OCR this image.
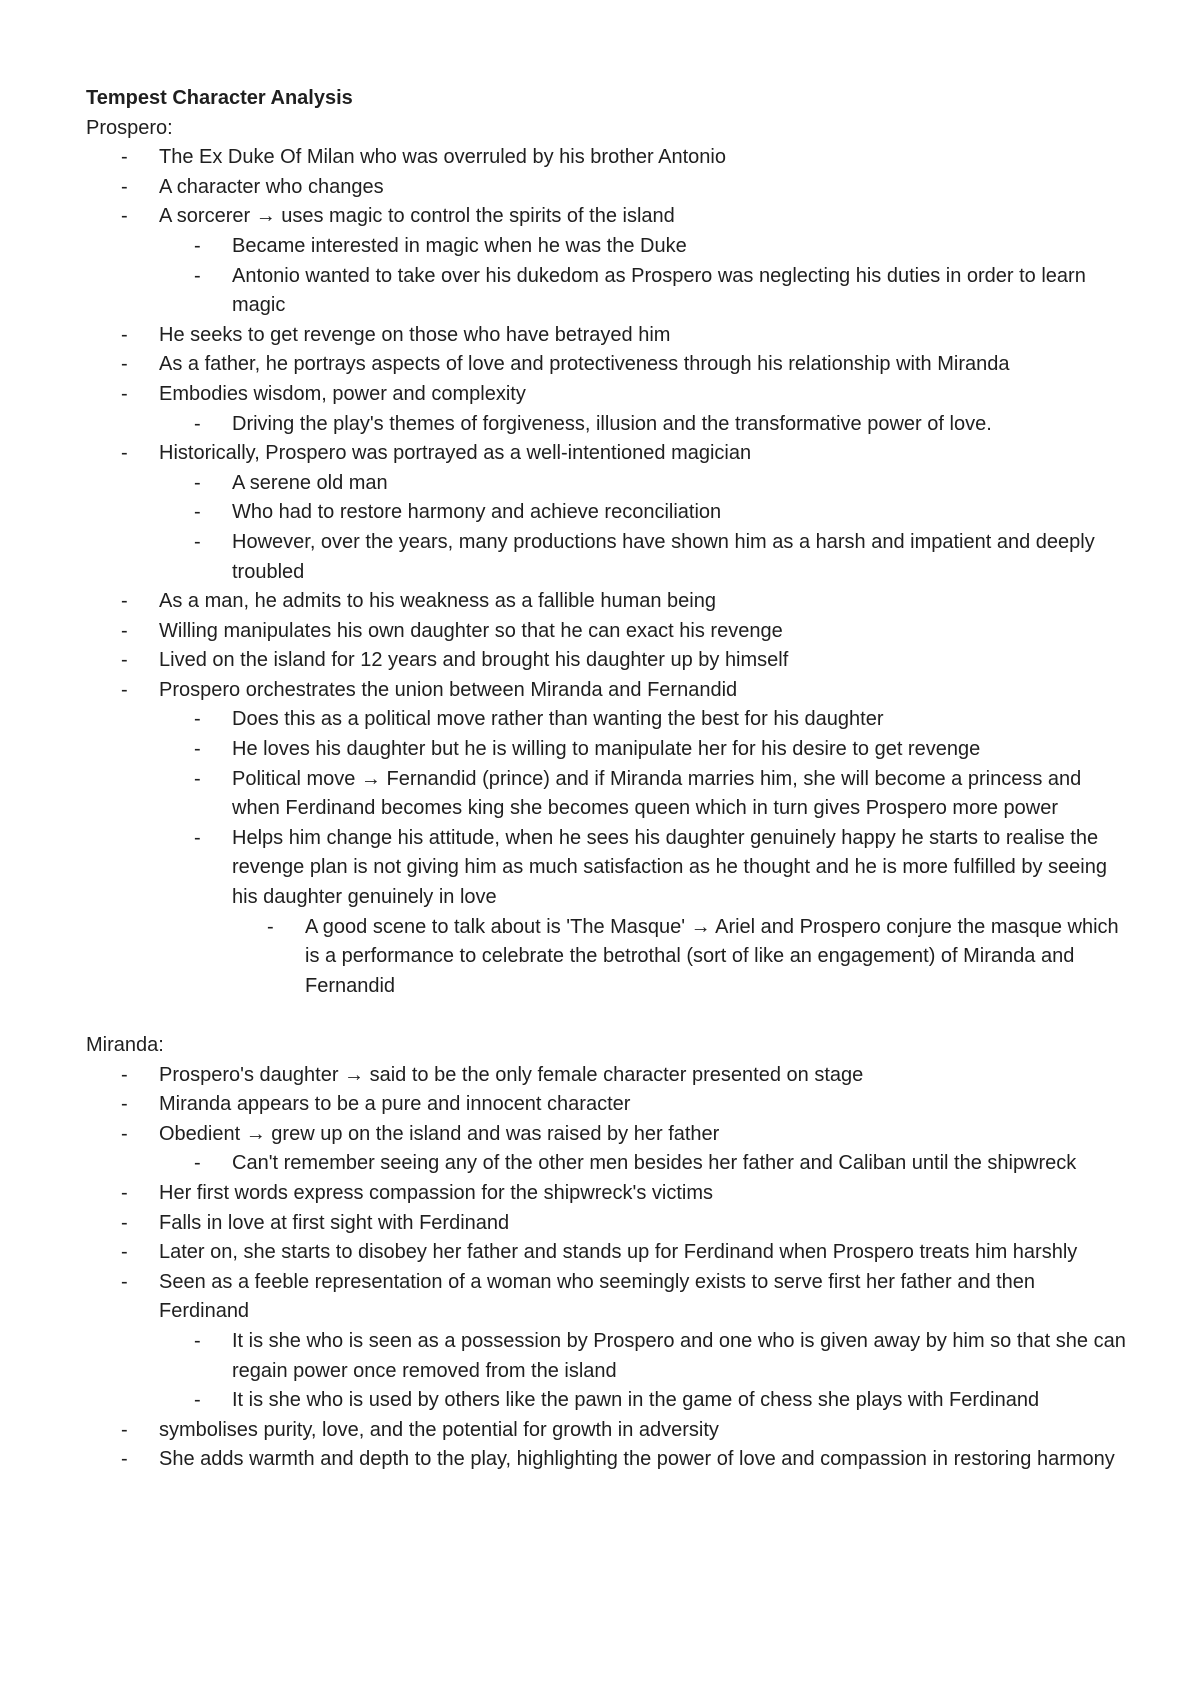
Tempest Character Analysis
Prospero:
- The Ex Duke Of Milan who was overruled by his brother Antonio
- A character who changes
- A sorcerer → uses magic to control the spirits of the island
- Became interested in magic when he was the Duke
- Antonio wanted to take over his dukedom as Prospero was neglecting his duties in order to learn magic
- He seeks to get revenge on those who have betrayed him
- As a father, he portrays aspects of love and protectiveness through his relationship with Miranda
- Embodies wisdom, power and complexity
- Driving the play's themes of forgiveness, illusion and the transformative power of love.
- Historically, Prospero was portrayed as a well-intentioned magician
- A serene old man
- Who had to restore harmony and achieve reconciliation
- However, over the years, many productions have shown him as a harsh and impatient and deeply troubled
- As a man, he admits to his weakness as a fallible human being
- Willing manipulates his own daughter so that he can exact his revenge
- Lived on the island for 12 years and brought his daughter up by himself
- Prospero orchestrates the union between Miranda and Fernandid
- Does this as a political move rather than wanting the best for his daughter
- He loves his daughter but he is willing to manipulate her for his desire to get revenge
- Political move → Fernandid (prince) and if Miranda marries him, she will become a princess and when Ferdinand becomes king she becomes queen which in turn gives Prospero more power
- Helps him change his attitude, when he sees his daughter genuinely happy he starts to realise the revenge plan is not giving him as much satisfaction as he thought and he is more fulfilled by seeing his daughter genuinely in love
- A good scene to talk about is 'The Masque' → Ariel and Prospero conjure the masque which is a performance to celebrate the betrothal (sort of like an engagement) of Miranda and Fernandid
Miranda:
- Prospero's daughter → said to be the only female character presented on stage
- Miranda appears to be a pure and innocent character
- Obedient → grew up on the island and was raised by her father
- Can't remember seeing any of the other men besides her father and Caliban until the shipwreck
- Her first words express compassion for the shipwreck's victims
- Falls in love at first sight with Ferdinand
- Later on, she starts to disobey her father and stands up for Ferdinand when Prospero treats him harshly
- Seen as a feeble representation of a woman who seemingly exists to serve first her father and then Ferdinand
- It is she who is seen as a possession by Prospero and one who is given away by him so that she can regain power once removed from the island
- It is she who is used by others like the pawn in the game of chess she plays with Ferdinand
- symbolises purity, love, and the potential for growth in adversity
- She adds warmth and depth to the play, highlighting the power of love and compassion in restoring harmony
